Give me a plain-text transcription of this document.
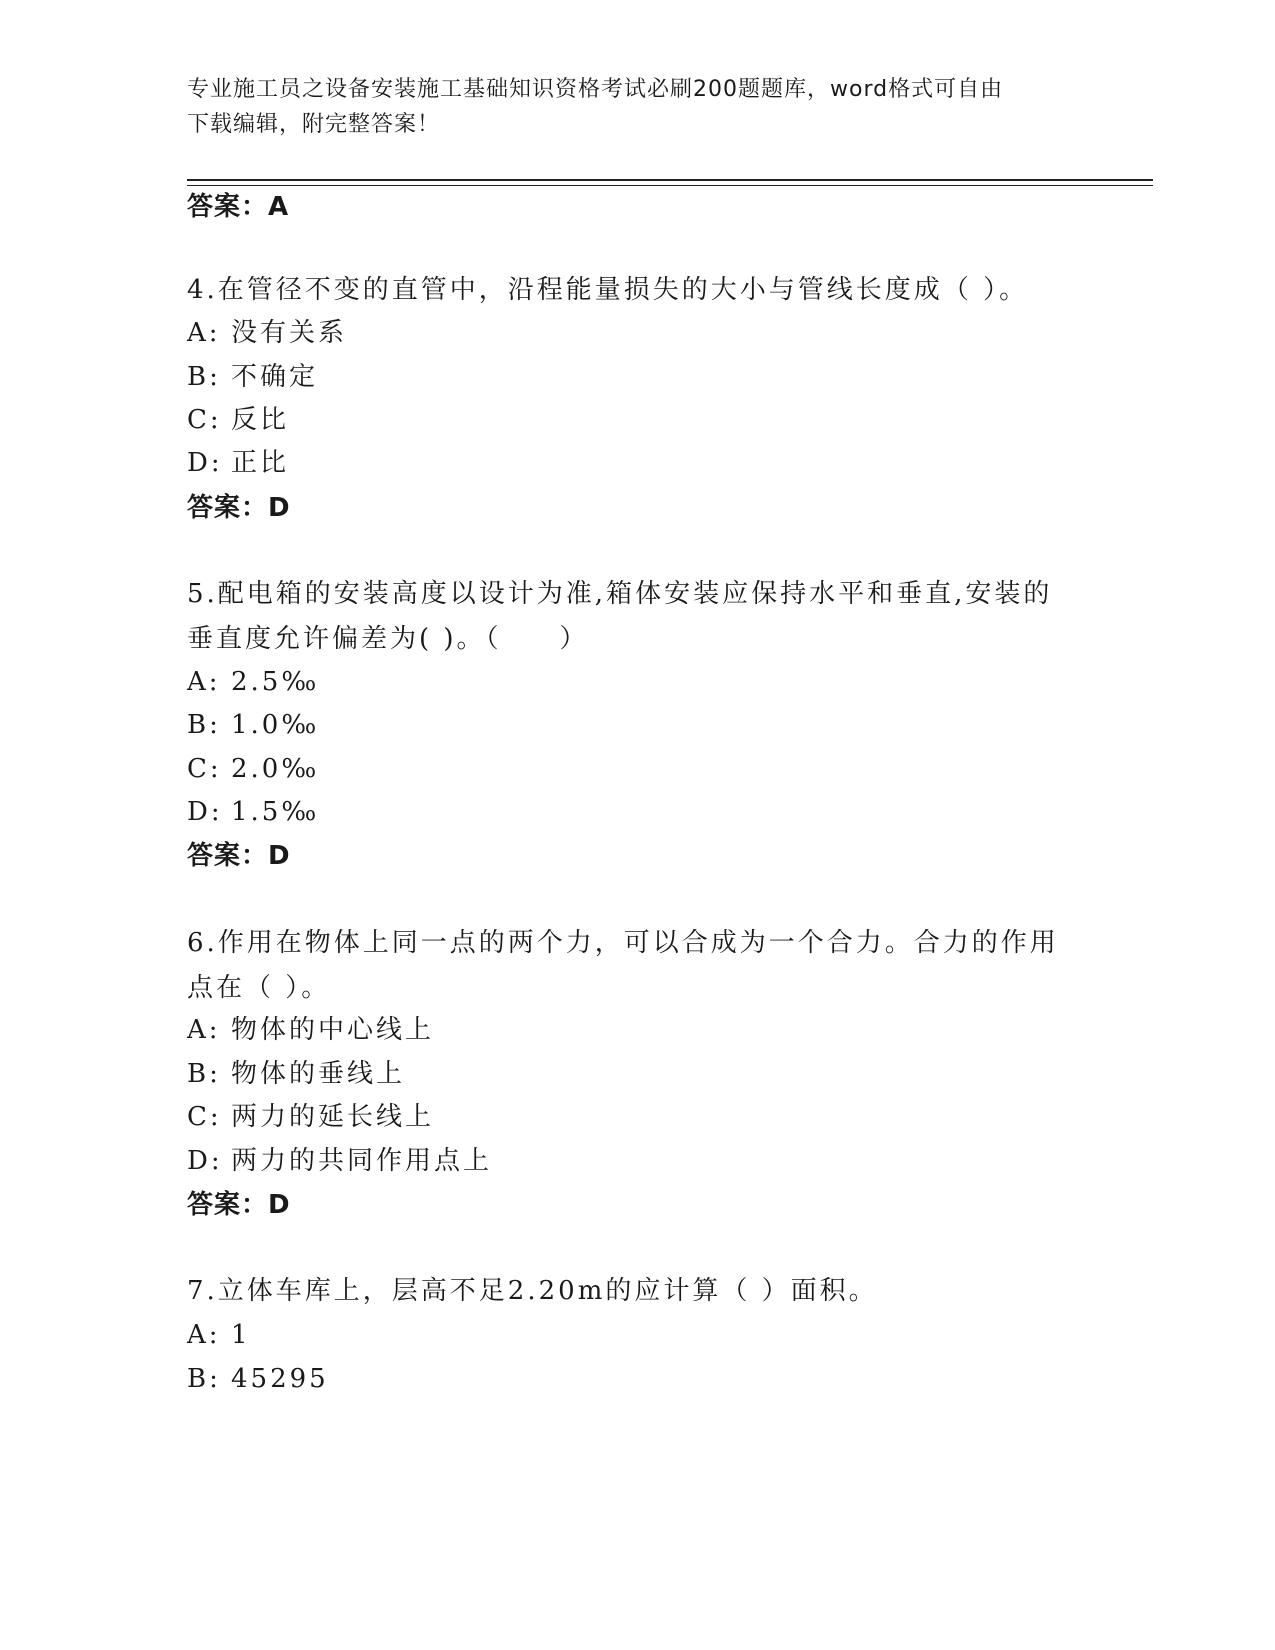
专业施工员之设备安装施工基础知识资格考试必刷200题题库，word格式可自由
下载编辑，附完整答案！
答案：A
4.在管径不变的直管中，沿程能量损失的大小与管线长度成（ ）。
A: 没有关系
B: 不确定
C: 反比
D: 正比
答案：D
5.配电箱的安装高度以设计为准,箱体安装应保持水平和垂直,安装的
垂直度允许偏差为( )。（　　）
A: 2.5‰
B: 1.0‰
C: 2.0‰
D: 1.5‰
答案：D
6.作用在物体上同一点的两个力，可以合成为一个合力。合力的作用
点在（ ）。
A: 物体的中心线上
B: 物体的垂线上
C: 两力的延长线上
D: 两力的共同作用点上
答案：D
7.立体车库上，层高不足2.20m的应计算（ ）面积。
A: 1
B: 45295
